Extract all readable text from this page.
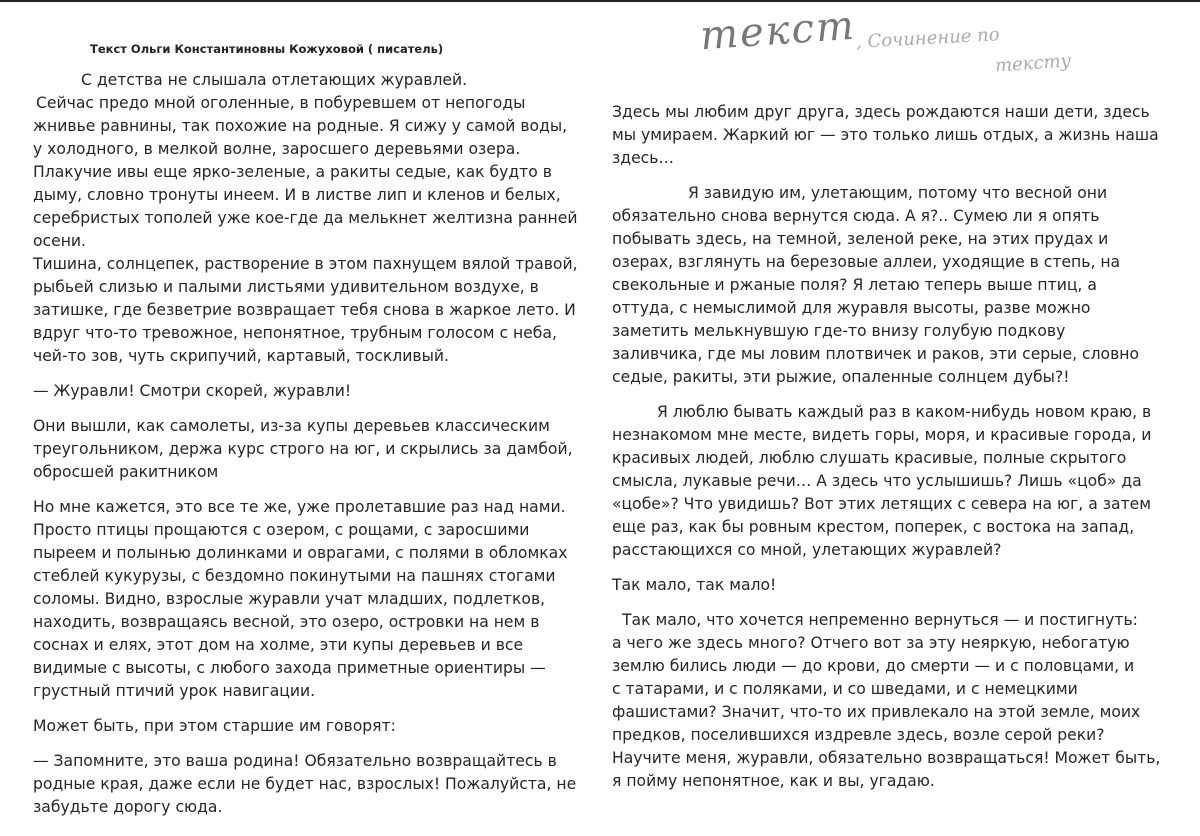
Текст Ольги Константиновны Кожуховой ( писатель)	текст, Сочинение по
тексту
С детства не слышала отлетающих журавлей.
Сейчас предо мной оголенные, в побуревшем от непогоды
жнивье равнины, так похожие на родные. Я сижу у самой воды,
у холодного, в мелкой волне, заросшего деревьями озера.
Плакучие ивы еще ярко-зеленые, а ракиты седые, как будто в
дыму, словно тронуты инеем. И в листве лип и кленов и белых,
серебристых тополей уже кое-где да мелькнет желтизна ранней
осени.
Тишина, солнцепек, растворение в этом пахнущем вялой травой,
рыбьей слизью и палыми листьями удивительном воздухе, в
затишке, где безветрие возвращает тебя снова в жаркое лето. И
вдруг что-то тревожное, непонятное, трубным голосом с неба,
чей-то зов, чуть скрипучий, картавый, тоскливый.
— Журавли! Смотри скорей, журавли!
Они вышли, как самолеты, из-за купы деревьев классическим
треугольником, держа курс строго на юг, и скрылись за дамбой,
обросшей ракитником
Но мне кажется, это все те же, уже пролетавшие раз над нами.
Просто птицы прощаются с озером, с рощами, с заросшими
пыреем и полынью долинками и оврагами, с полями в обломках
стеблей кукурузы, с бездомно покинутыми на пашнях стогами
соломы. Видно, взрослые журавли учат младших, подлетков,
находить, возвращаясь весной, это озеро, островки на нем в
соснах и елях, этот дом на холме, эти купы деревьев и все
видимые с высоты, с любого захода приметные ориентиры —
грустный птичий урок навигации.
Может быть, при этом старшие им говорят:
— Запомните, это ваша родина! Обязательно возвращайтесь в
родные края, даже если не будет нас, взрослых! Пожалуйста, не
забудьте дорогу сюда.
Здесь мы любим друг друга, здесь рождаются наши дети, здесь
мы умираем. Жаркий юг — это только лишь отдых, а жизнь наша
здесь…
Я завидую им, улетающим, потому что весной они
обязательно снова вернутся сюда. А я?.. Сумею ли я опять
побывать здесь, на темной, зеленой реке, на этих прудах и
озерах, взглянуть на березовые аллеи, уходящие в степь, на
свекольные и ржаные поля? Я летаю теперь выше птиц, а
оттуда, с немыслимой для журавля высоты, разве можно
заметить мелькнувшую где-то внизу голубую подкову
заливчика, где мы ловим плотвичек и раков, эти серые, словно
седые, ракиты, эти рыжие, опаленные солнцем дубы?!
Я люблю бывать каждый раз в каком-нибудь новом краю, в
незнакомом мне месте, видеть горы, моря, и красивые города, и
красивых людей, люблю слушать красивые, полные скрытого
смысла, лукавые речи… А здесь что услышишь? Лишь «цоб» да
«цобе»? Что увидишь? Вот этих летящих с севера на юг, а затем
еще раз, как бы ровным крестом, поперек, с востока на запад,
расстающихся со мной, улетающих журавлей?
Так мало, так мало!
Так мало, что хочется непременно вернуться — и постигнуть:
а чего же здесь много? Отчего вот за эту неяркую, небогатую
землю бились люди — до крови, до смерти — и с половцами, и
с татарами, и с поляками, и со шведами, и с немецкими
фашистами? Значит, что-то их привлекало на этой земле, моих
предков, поселившихся издревле здесь, возле серой реки?
Научите меня, журавли, обязательно возвращаться! Может быть,
я пойму непонятное, как и вы, угадаю.
